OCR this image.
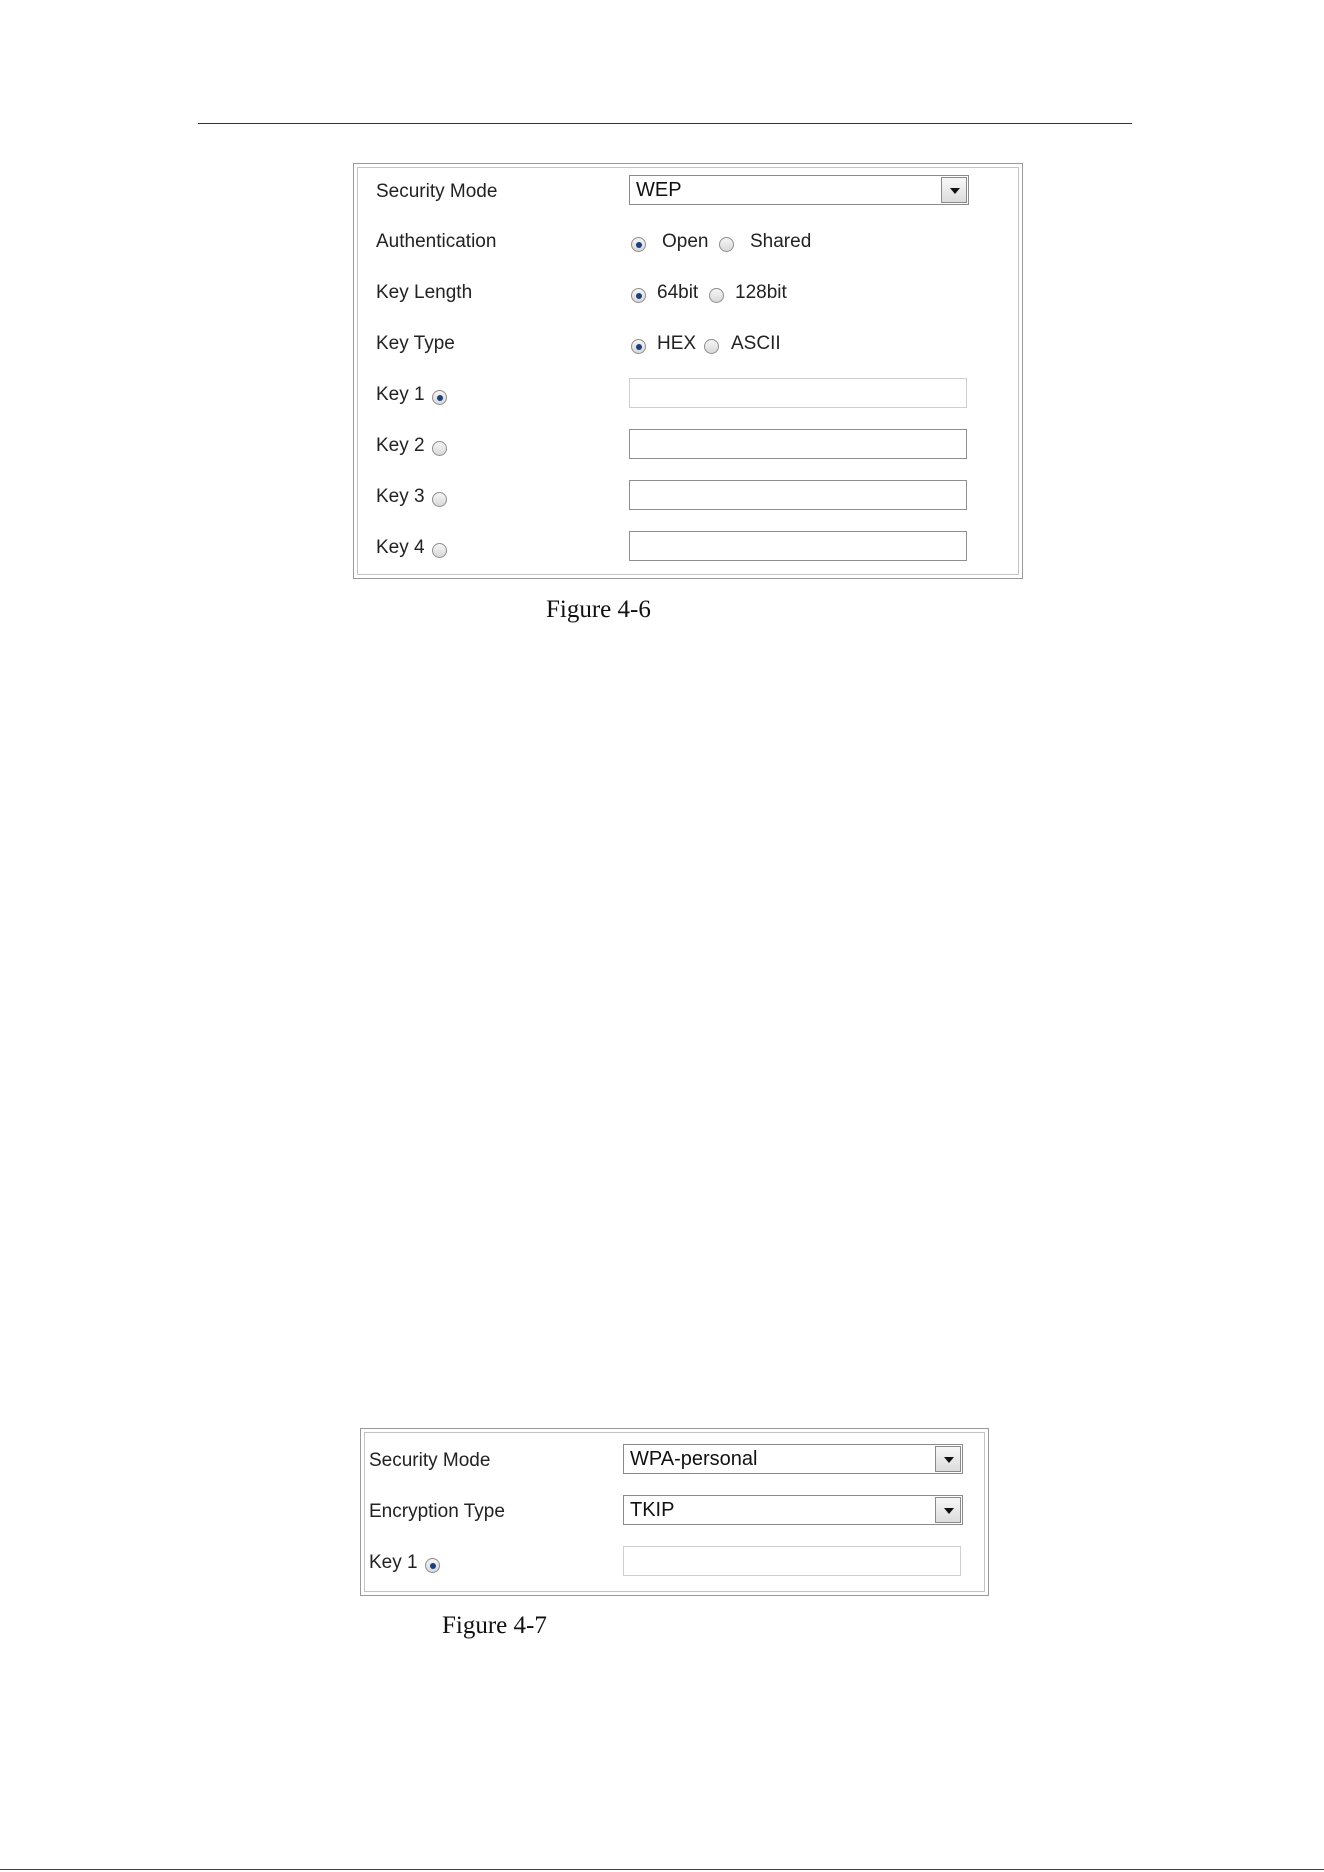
Security Mode	WEP
Authentication	Open Shared
Key Length	64bit 128bit
Key Type	HEX ASCII
Key 1
Key 2
Key 3
Key 4
Figure 4-6
Security Mode	WPA-personal
Encryption Type	TKIP
Key 1
Figure 4-7
